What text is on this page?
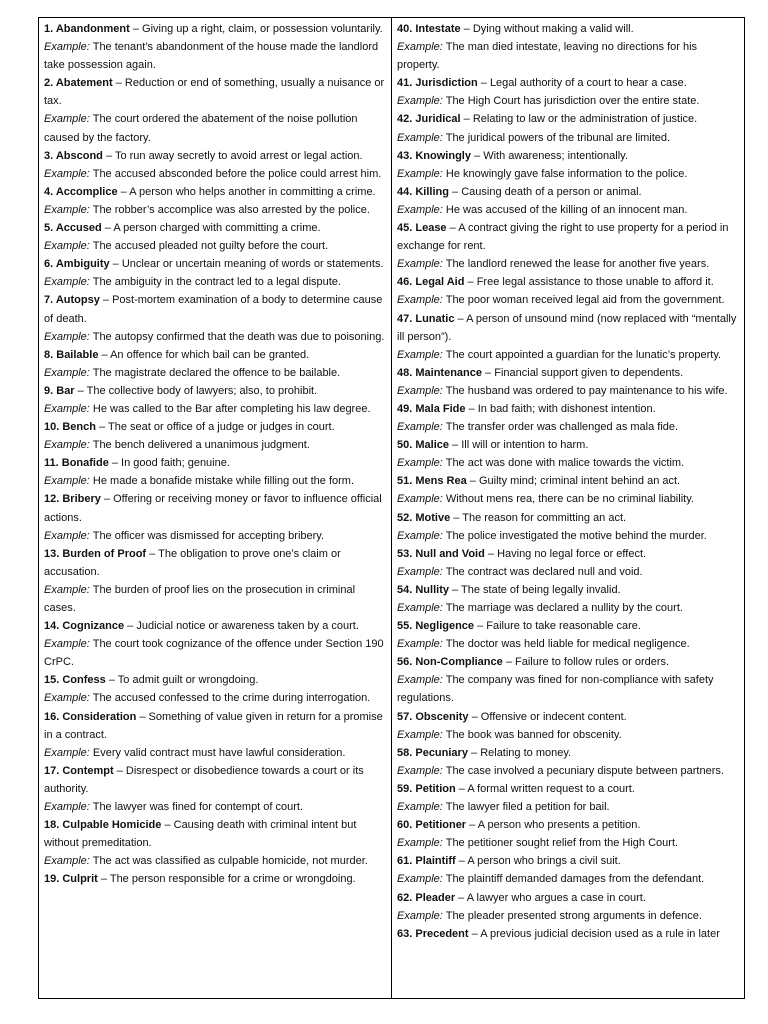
1. Abandonment – Giving up a right, claim, or possession voluntarily.
Example: The tenant’s abandonment of the house made the landlord take possession again.
2. Abatement – Reduction or end of something, usually a nuisance or tax.
Example: The court ordered the abatement of the noise pollution caused by the factory.
3. Abscond – To run away secretly to avoid arrest or legal action.
Example: The accused absconded before the police could arrest him.
4. Accomplice – A person who helps another in committing a crime.
Example: The robber’s accomplice was also arrested by the police.
5. Accused – A person charged with committing a crime.
Example: The accused pleaded not guilty before the court.
6. Ambiguity – Unclear or uncertain meaning of words or statements.
Example: The ambiguity in the contract led to a legal dispute.
7. Autopsy – Post-mortem examination of a body to determine cause of death.
Example: The autopsy confirmed that the death was due to poisoning.
8. Bailable – An offence for which bail can be granted.
Example: The magistrate declared the offence to be bailable.
9. Bar – The collective body of lawyers; also, to prohibit.
Example: He was called to the Bar after completing his law degree.
10. Bench – The seat or office of a judge or judges in court.
Example: The bench delivered a unanimous judgment.
11. Bonafide – In good faith; genuine.
Example: He made a bonafide mistake while filling out the form.
12. Bribery – Offering or receiving money or favor to influence official actions.
Example: The officer was dismissed for accepting bribery.
13. Burden of Proof – The obligation to prove one’s claim or accusation.
Example: The burden of proof lies on the prosecution in criminal cases.
14. Cognizance – Judicial notice or awareness taken by a court.
Example: The court took cognizance of the offence under Section 190 CrPC.
15. Confess – To admit guilt or wrongdoing.
Example: The accused confessed to the crime during interrogation.
16. Consideration – Something of value given in return for a promise in a contract.
Example: Every valid contract must have lawful consideration.
17. Contempt – Disrespect or disobedience towards a court or its authority.
Example: The lawyer was fined for contempt of court.
18. Culpable Homicide – Causing death with criminal intent but without premeditation.
Example: The act was classified as culpable homicide, not murder.
19. Culprit – The person responsible for a crime or wrongdoing.
40. Intestate – Dying without making a valid will.
Example: The man died intestate, leaving no directions for his property.
41. Jurisdiction – Legal authority of a court to hear a case.
Example: The High Court has jurisdiction over the entire state.
42. Juridical – Relating to law or the administration of justice.
Example: The juridical powers of the tribunal are limited.
43. Knowingly – With awareness; intentionally.
Example: He knowingly gave false information to the police.
44. Killing – Causing death of a person or animal.
Example: He was accused of the killing of an innocent man.
45. Lease – A contract giving the right to use property for a period in exchange for rent.
Example: The landlord renewed the lease for another five years.
46. Legal Aid – Free legal assistance to those unable to afford it.
Example: The poor woman received legal aid from the government.
47. Lunatic – A person of unsound mind (now replaced with “mentally ill person”).
Example: The court appointed a guardian for the lunatic’s property.
48. Maintenance – Financial support given to dependents.
Example: The husband was ordered to pay maintenance to his wife.
49. Mala Fide – In bad faith; with dishonest intention.
Example: The transfer order was challenged as mala fide.
50. Malice – Ill will or intention to harm.
Example: The act was done with malice towards the victim.
51. Mens Rea – Guilty mind; criminal intent behind an act.
Example: Without mens rea, there can be no criminal liability.
52. Motive – The reason for committing an act.
Example: The police investigated the motive behind the murder.
53. Null and Void – Having no legal force or effect.
Example: The contract was declared null and void.
54. Nullity – The state of being legally invalid.
Example: The marriage was declared a nullity by the court.
55. Negligence – Failure to take reasonable care.
Example: The doctor was held liable for medical negligence.
56. Non-Compliance – Failure to follow rules or orders.
Example: The company was fined for non-compliance with safety regulations.
57. Obscenity – Offensive or indecent content.
Example: The book was banned for obscenity.
58. Pecuniary – Relating to money.
Example: The case involved a pecuniary dispute between partners.
59. Petition – A formal written request to a court.
Example: The lawyer filed a petition for bail.
60. Petitioner – A person who presents a petition.
Example: The petitioner sought relief from the High Court.
61. Plaintiff – A person who brings a civil suit.
Example: The plaintiff demanded damages from the defendant.
62. Pleader – A lawyer who argues a case in court.
Example: The pleader presented strong arguments in defence.
63. Precedent – A previous judicial decision used as a rule in later
